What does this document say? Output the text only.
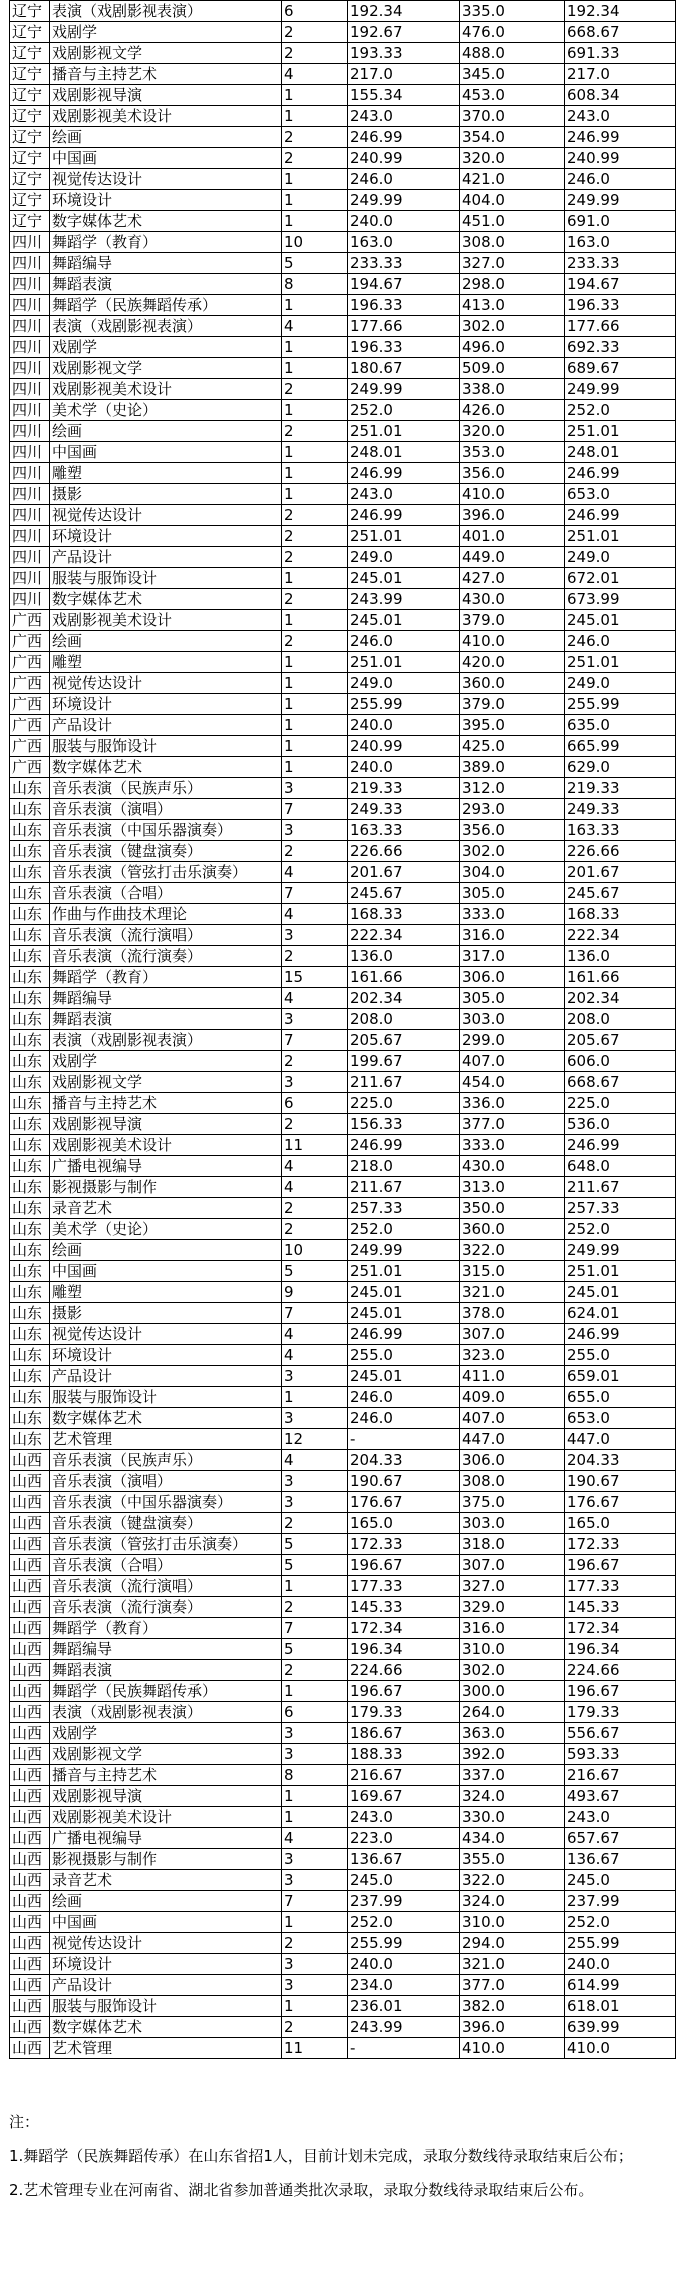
辽宁	表演（戏剧影视表演）	6	192.34	335.0	192.34
辽宁	戏剧学	2	192.67	476.0	668.67
辽宁	戏剧影视文学	2	193.33	488.0	691.33
辽宁	播音与主持艺术	4	217.0	345.0	217.0
辽宁	戏剧影视导演	1	155.34	453.0	608.34
辽宁	戏剧影视美术设计	1	243.0	370.0	243.0
辽宁	绘画	2	246.99	354.0	246.99
辽宁	中国画	2	240.99	320.0	240.99
辽宁	视觉传达设计	1	246.0	421.0	246.0
辽宁	环境设计	1	249.99	404.0	249.99
辽宁	数字媒体艺术	1	240.0	451.0	691.0
四川	舞蹈学（教育）	10	163.0	308.0	163.0
四川	舞蹈编导	5	233.33	327.0	233.33
四川	舞蹈表演	8	194.67	298.0	194.67
四川	舞蹈学（民族舞蹈传承）	1	196.33	413.0	196.33
四川	表演（戏剧影视表演）	4	177.66	302.0	177.66
四川	戏剧学	1	196.33	496.0	692.33
四川	戏剧影视文学	1	180.67	509.0	689.67
四川	戏剧影视美术设计	2	249.99	338.0	249.99
四川	美术学（史论）	1	252.0	426.0	252.0
四川	绘画	2	251.01	320.0	251.01
四川	中国画	1	248.01	353.0	248.01
四川	雕塑	1	246.99	356.0	246.99
四川	摄影	1	243.0	410.0	653.0
四川	视觉传达设计	2	246.99	396.0	246.99
四川	环境设计	2	251.01	401.0	251.01
四川	产品设计	2	249.0	449.0	249.0
四川	服装与服饰设计	1	245.01	427.0	672.01
四川	数字媒体艺术	2	243.99	430.0	673.99
广西	戏剧影视美术设计	1	245.01	379.0	245.01
广西	绘画	2	246.0	410.0	246.0
广西	雕塑	1	251.01	420.0	251.01
广西	视觉传达设计	1	249.0	360.0	249.0
广西	环境设计	1	255.99	379.0	255.99
广西	产品设计	1	240.0	395.0	635.0
广西	服装与服饰设计	1	240.99	425.0	665.99
广西	数字媒体艺术	1	240.0	389.0	629.0
山东	音乐表演（民族声乐）	3	219.33	312.0	219.33
山东	音乐表演（演唱）	7	249.33	293.0	249.33
山东	音乐表演（中国乐器演奏）	3	163.33	356.0	163.33
山东	音乐表演（键盘演奏）	2	226.66	302.0	226.66
山东	音乐表演（管弦打击乐演奏）	4	201.67	304.0	201.67
山东	音乐表演（合唱）	7	245.67	305.0	245.67
山东	作曲与作曲技术理论	4	168.33	333.0	168.33
山东	音乐表演（流行演唱）	3	222.34	316.0	222.34
山东	音乐表演（流行演奏）	2	136.0	317.0	136.0
山东	舞蹈学（教育）	15	161.66	306.0	161.66
山东	舞蹈编导	4	202.34	305.0	202.34
山东	舞蹈表演	3	208.0	303.0	208.0
山东	表演（戏剧影视表演）	7	205.67	299.0	205.67
山东	戏剧学	2	199.67	407.0	606.0
山东	戏剧影视文学	3	211.67	454.0	668.67
山东	播音与主持艺术	6	225.0	336.0	225.0
山东	戏剧影视导演	2	156.33	377.0	536.0
山东	戏剧影视美术设计	11	246.99	333.0	246.99
山东	广播电视编导	4	218.0	430.0	648.0
山东	影视摄影与制作	4	211.67	313.0	211.67
山东	录音艺术	2	257.33	350.0	257.33
山东	美术学（史论）	2	252.0	360.0	252.0
山东	绘画	10	249.99	322.0	249.99
山东	中国画	5	251.01	315.0	251.01
山东	雕塑	9	245.01	321.0	245.01
山东	摄影	7	245.01	378.0	624.01
山东	视觉传达设计	4	246.99	307.0	246.99
山东	环境设计	4	255.0	323.0	255.0
山东	产品设计	3	245.01	411.0	659.01
山东	服装与服饰设计	1	246.0	409.0	655.0
山东	数字媒体艺术	3	246.0	407.0	653.0
山东	艺术管理	12	-	447.0	447.0
山西	音乐表演（民族声乐）	4	204.33	306.0	204.33
山西	音乐表演（演唱）	3	190.67	308.0	190.67
山西	音乐表演（中国乐器演奏）	3	176.67	375.0	176.67
山西	音乐表演（键盘演奏）	2	165.0	303.0	165.0
山西	音乐表演（管弦打击乐演奏）	5	172.33	318.0	172.33
山西	音乐表演（合唱）	5	196.67	307.0	196.67
山西	音乐表演（流行演唱）	1	177.33	327.0	177.33
山西	音乐表演（流行演奏）	2	145.33	329.0	145.33
山西	舞蹈学（教育）	7	172.34	316.0	172.34
山西	舞蹈编导	5	196.34	310.0	196.34
山西	舞蹈表演	2	224.66	302.0	224.66
山西	舞蹈学（民族舞蹈传承）	1	196.67	300.0	196.67
山西	表演（戏剧影视表演）	6	179.33	264.0	179.33
山西	戏剧学	3	186.67	363.0	556.67
山西	戏剧影视文学	3	188.33	392.0	593.33
山西	播音与主持艺术	8	216.67	337.0	216.67
山西	戏剧影视导演	1	169.67	324.0	493.67
山西	戏剧影视美术设计	1	243.0	330.0	243.0
山西	广播电视编导	4	223.0	434.0	657.67
山西	影视摄影与制作	3	136.67	355.0	136.67
山西	录音艺术	3	245.0	322.0	245.0
山西	绘画	7	237.99	324.0	237.99
山西	中国画	1	252.0	310.0	252.0
山西	视觉传达设计	2	255.99	294.0	255.99
山西	环境设计	3	240.0	321.0	240.0
山西	产品设计	3	234.0	377.0	614.99
山西	服装与服饰设计	1	236.01	382.0	618.01
山西	数字媒体艺术	2	243.99	396.0	639.99
山西	艺术管理	11	-	410.0	410.0

注：

1.舞蹈学（民族舞蹈传承）在山东省招1人，目前计划未完成，录取分数线待录取结束后公布；

2.艺术管理专业在河南省、湖北省参加普通类批次录取，录取分数线待录取结束后公布。
